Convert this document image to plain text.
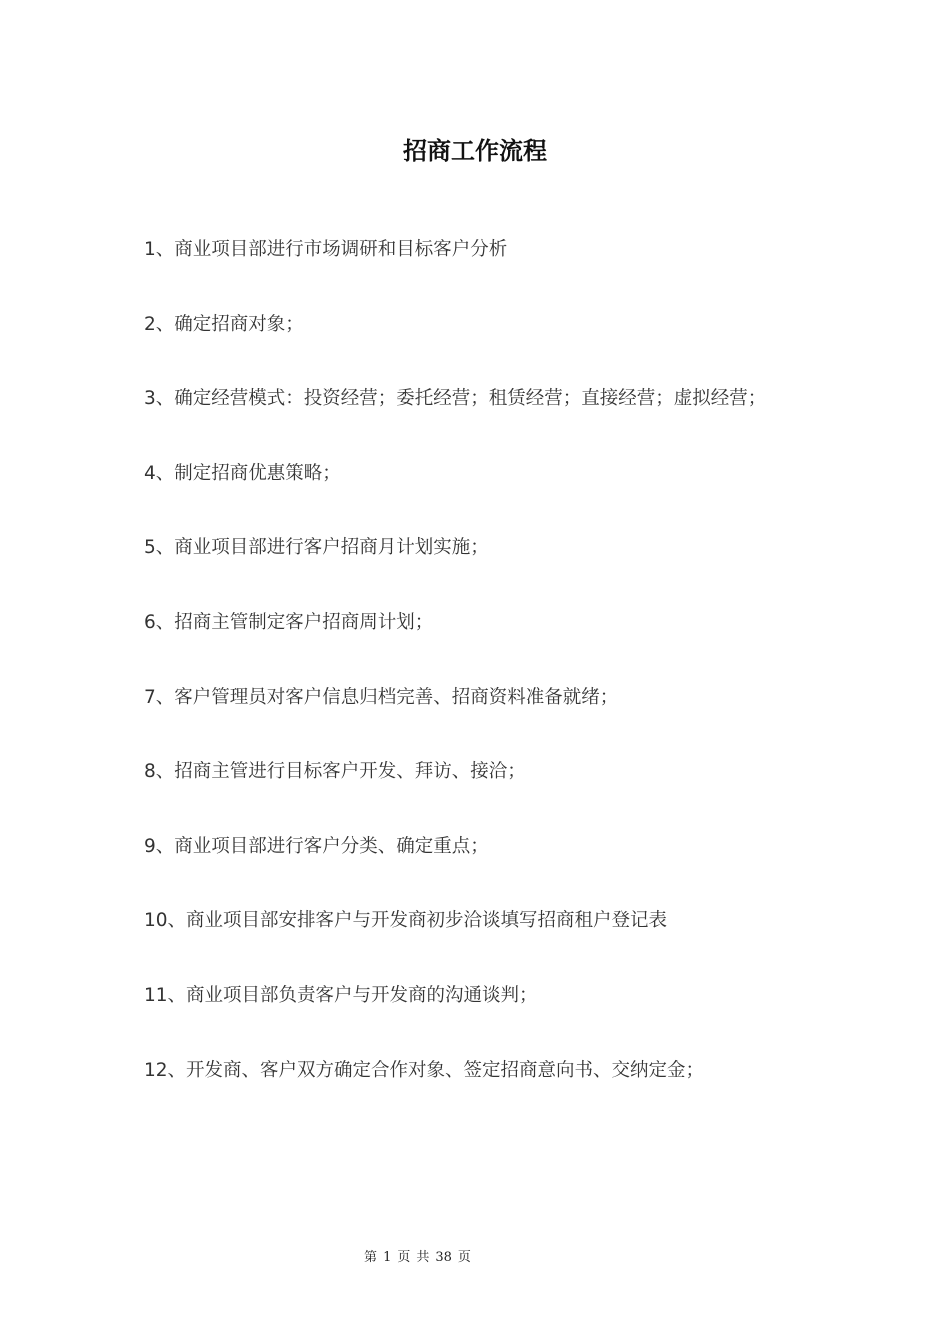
招商工作流程
1、商业项目部进行市场调研和目标客户分析
2、确定招商对象；
3、确定经营模式：投资经营；委托经营；租赁经营；直接经营；虚拟经营；
4、制定招商优惠策略；
5、商业项目部进行客户招商月计划实施；
6、招商主管制定客户招商周计划；
7、客户管理员对客户信息归档完善、招商资料准备就绪；
8、招商主管进行目标客户开发、拜访、接洽；
9、商业项目部进行客户分类、确定重点；
10、商业项目部安排客户与开发商初步洽谈填写招商租户登记表
11、商业项目部负责客户与开发商的沟通谈判；
12、开发商、客户双方确定合作对象、签定招商意向书、交纳定金；
第 1 页 共 38 页
